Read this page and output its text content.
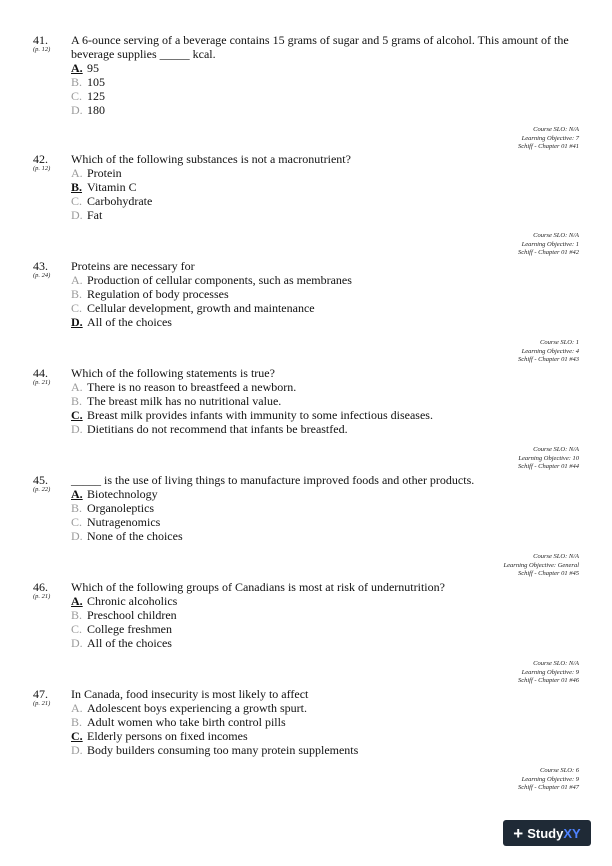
41.
(p. 12)
A 6-ounce serving of a beverage contains 15 grams of sugar and 5 grams of alcohol. This amount of the beverage supplies _____ kcal.
A. 95
B. 105
C. 125
D. 180
Course SLO: N/A
Learning Objective: 7
Schiff - Chapter 01 #41
42.
(p. 12)
Which of the following substances is not a macronutrient?
A. Protein
B. Vitamin C
C. Carbohydrate
D. Fat
Course SLO: N/A
Learning Objective: 1
Schiff - Chapter 01 #42
43.
(p. 24)
Proteins are necessary for
A. Production of cellular components, such as membranes
B. Regulation of body processes
C. Cellular development, growth and maintenance
D. All of the choices
Course SLO: 1
Learning Objective: 4
Schiff - Chapter 01 #43
44.
(p. 21)
Which of the following statements is true?
A. There is no reason to breastfeed a newborn.
B. The breast milk has no nutritional value.
C. Breast milk provides infants with immunity to some infectious diseases.
D. Dietitians do not recommend that infants be breastfed.
Course SLO: N/A
Learning Objective: 10
Schiff - Chapter 01 #44
45.
(p. 22)
_____ is the use of living things to manufacture improved foods and other products.
A. Biotechnology
B. Organoleptics
C. Nutragenomics
D. None of the choices
Course SLO: N/A
Learning Objective: General
Schiff - Chapter 01 #45
46.
(p. 21)
Which of the following groups of Canadians is most at risk of undernutrition?
A. Chronic alcoholics
B. Preschool children
C. College freshmen
D. All of the choices
Course SLO: N/A
Learning Objective: 9
Schiff - Chapter 01 #46
47.
(p. 21)
In Canada, food insecurity is most likely to affect
A. Adolescent boys experiencing a growth spurt.
B. Adult women who take birth control pills
C. Elderly persons on fixed incomes
D. Body builders consuming too many protein supplements
Course SLO: 6
Learning Objective: 9
Schiff - Chapter 01 #47
+ Study XY
